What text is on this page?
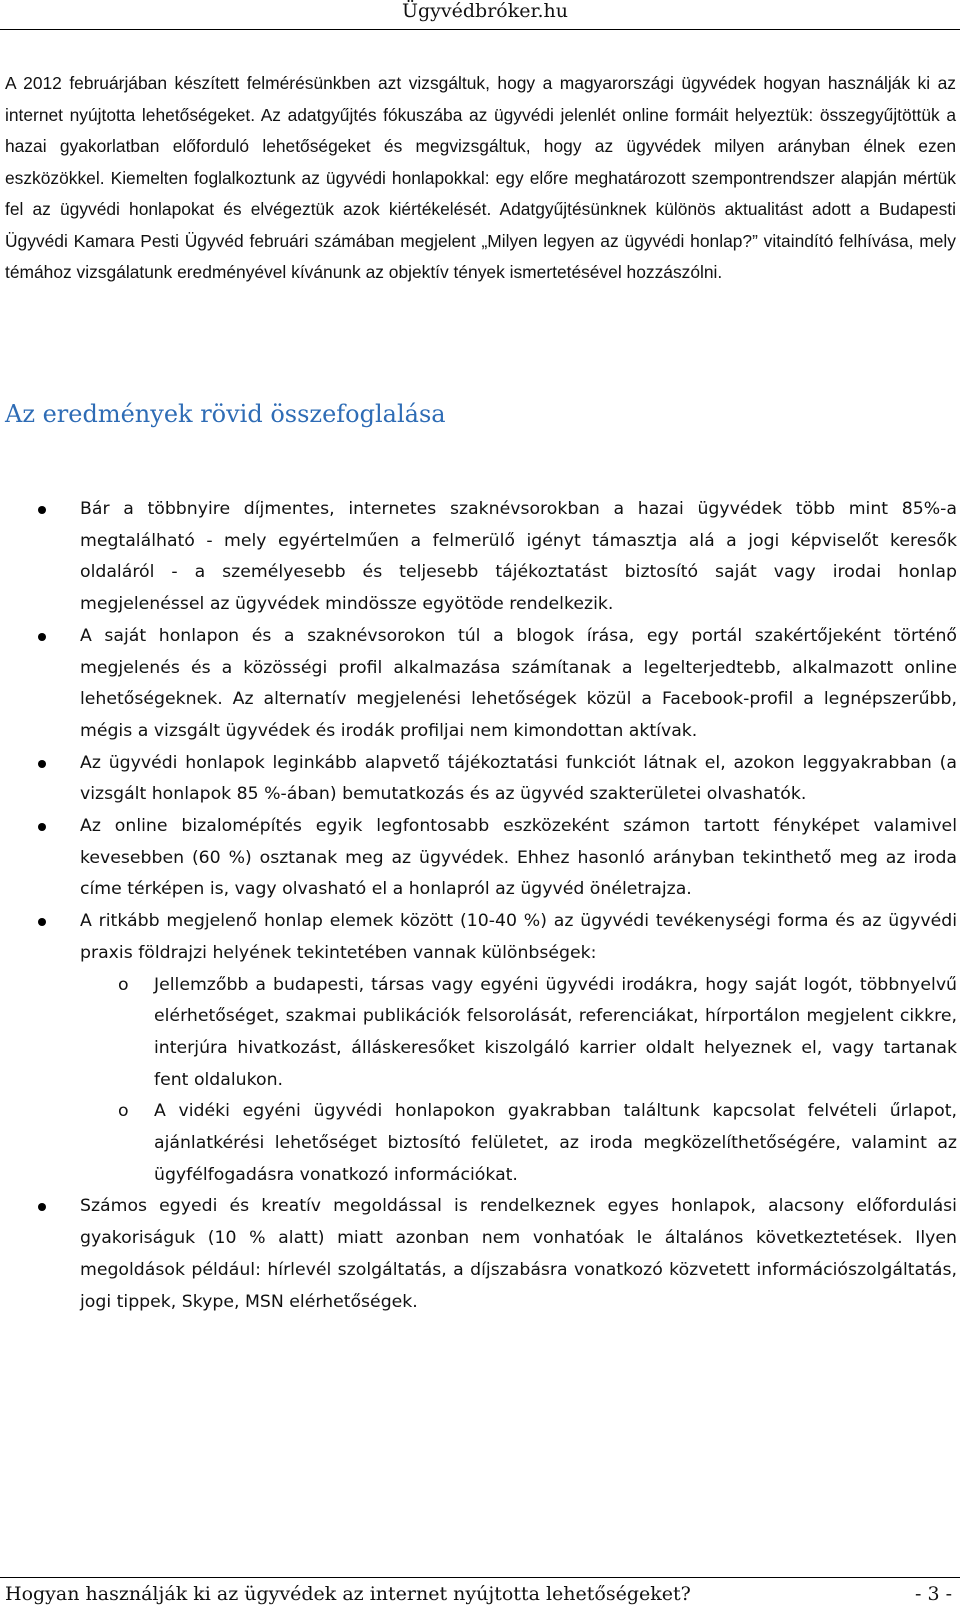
Ügyvédbróker.hu

A 2012 februárjában készített felmérésünkben azt vizsgáltuk, hogy a magyarországi ügyvédek hogyan használják ki az internet nyújtotta lehetőségeket. Az adatgyűjtés fókuszába az ügyvédi jelenlét online formáit helyeztük: összegyűjtöttük a hazai gyakorlatban előforduló lehetőségeket és megvizsgáltuk, hogy az ügyvédek milyen arányban élnek ezen eszközökkel. Kiemelten foglalkoztunk az ügyvédi honlapokkal: egy előre meghatározott szempontrendszer alapján mértük fel az ügyvédi honlapokat és elvégeztük azok kiértékelését. Adatgyűjtésünknek különös aktualitást adott a Budapesti Ügyvédi Kamara Pesti Ügyvéd februári számában megjelent „Milyen legyen az ügyvédi honlap?” vitaindító felhívása, mely témához vizsgálatunk eredményével kívánunk az objektív tények ismertetésével hozzászólni.

Az eredmények rövid összefoglalása
Bár a többnyire díjmentes, internetes szaknévsorokban a hazai ügyvédek több mint 85%-a megtalálható - mely egyértelműen a felmerülő igényt támasztja alá a jogi képviselőt keresők oldaláról - a személyesebb és teljesebb tájékoztatást biztosító saját vagy irodai honlap megjelenéssel az ügyvédek mindössze egyötöde rendelkezik.
A saját honlapon és a szaknévsorokon túl a blogok írása, egy portál szakértőjeként történő megjelenés és a közösségi profil alkalmazása számítanak a legelterjedtebb, alkalmazott online lehetőségeknek. Az alternatív megjelenési lehetőségek közül a Facebook-profil a legnépszerűbb, mégis a vizsgált ügyvédek és irodák profiljai nem kimondottan aktívak.
Az ügyvédi honlapok leginkább alapvető tájékoztatási funkciót látnak el, azokon leggyakrabban (a vizsgált honlapok 85 %-ában) bemutatkozás és az ügyvéd szakterületei olvashatók.
Az online bizalomépítés egyik legfontosabb eszközeként számon tartott fényképet valamivel kevesebben (60 %) osztanak meg az ügyvédek. Ehhez hasonló arányban tekinthető meg az iroda címe térképen is, vagy olvasható el a honlapról az ügyvéd önéletrajza.
A ritkább megjelenő honlap elemek között (10-40 %) az ügyvédi tevékenységi forma és az ügyvédi praxis földrajzi helyének tekintetében vannak különbségek:
o Jellemzőbb a budapesti, társas vagy egyéni ügyvédi irodákra, hogy saját logót, többnyelvű elérhetőséget, szakmai publikációk felsorolását, referenciákat, hírportálon megjelent cikkre, interjúra hivatkozást, álláskeresőket kiszolgáló karrier oldalt helyeznek el, vagy tartanak fent oldalukon.
o A vidéki egyéni ügyvédi honlapokon gyakrabban találtunk kapcsolat felvételi űrlapot, ajánlatkérési lehetőséget biztosító felületet, az iroda megközelíthetőségére, valamint az ügyfélfogadásra vonatkozó információkat.
Számos egyedi és kreatív megoldással is rendelkeznek egyes honlapok, alacsony előfordulási gyakoriságuk (10 % alatt) miatt azonban nem vonhatóak le általános következtetések. Ilyen megoldások például: hírlevél szolgáltatás, a díjszabásra vonatkozó közvetett információszolgáltatás, jogi tippek, Skype, MSN elérhetőségek.
Hogyan használják ki az ügyvédek az internet nyújtotta lehetőségeket?	- 3 -
